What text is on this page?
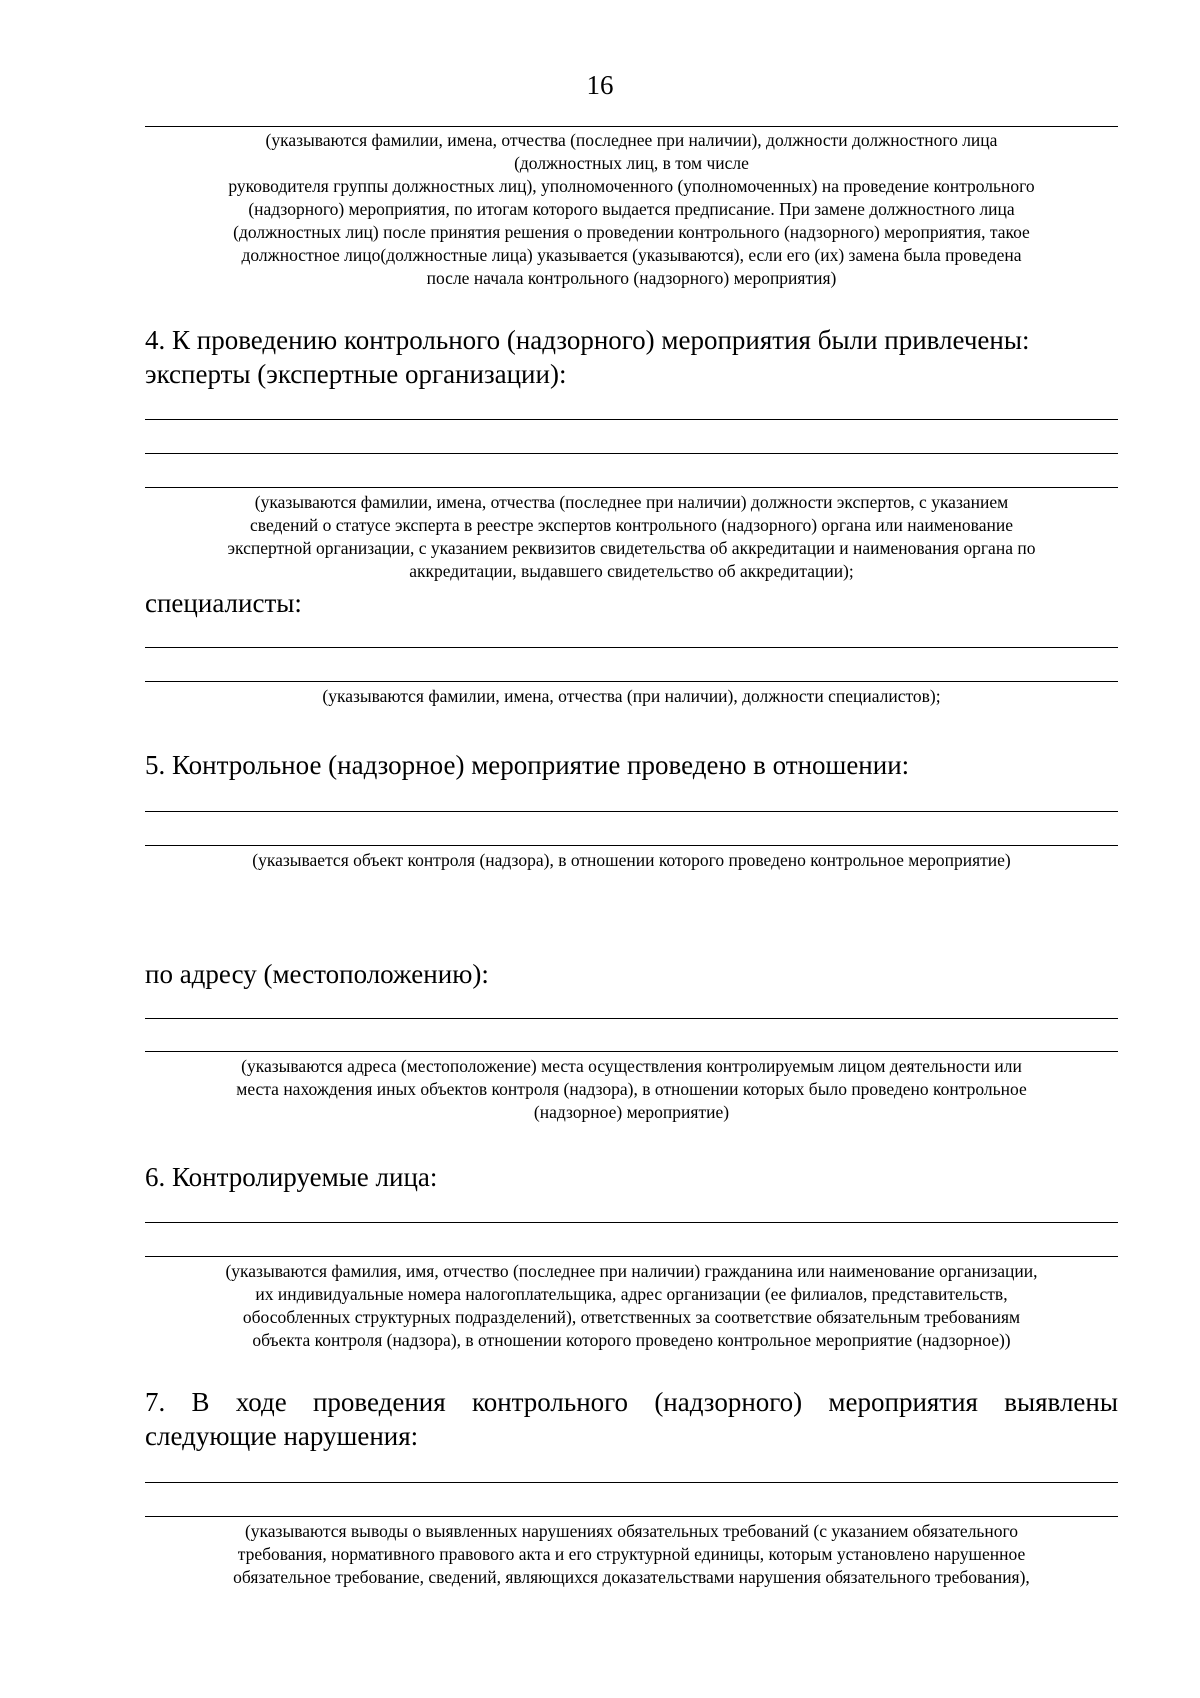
16
(указываются фамилии, имена, отчества (последнее при наличии), должности должностного лица
(должностных лиц, в том числе
руководителя группы должностных лиц), уполномоченного (уполномоченных) на проведение контрольного
(надзорного) мероприятия, по итогам которого выдается предписание. При замене должностного лица
(должностных лиц) после принятия решения о проведении контрольного (надзорного) мероприятия, такое
должностное лицо(должностные лица) указывается (указываются), если его (их) замена была проведена
после начала контрольного (надзорного) мероприятия)
4. К проведению контрольного (надзорного) мероприятия были привлечены:
эксперты (экспертные организации):
(указываются фамилии, имена, отчества (последнее при наличии) должности экспертов, с указанием
сведений о статусе эксперта в реестре экспертов контрольного (надзорного) органа или наименование
экспертной организации, с указанием реквизитов свидетельства об аккредитации и наименования органа по
аккредитации, выдавшего свидетельство об аккредитации);
специалисты:
(указываются фамилии, имена, отчества (при наличии), должности специалистов);
5. Контрольное (надзорное) мероприятие проведено в отношении:
(указывается объект контроля (надзора), в отношении которого проведено контрольное мероприятие)
по адресу (местоположению):
(указываются адреса (местоположение) места осуществления контролируемым лицом деятельности или
места нахождения иных объектов контроля (надзора), в отношении которых было проведено контрольное
(надзорное) мероприятие)
6. Контролируемые лица:
(указываются фамилия, имя, отчество (последнее при наличии) гражданина или наименование организации,
их индивидуальные номера налогоплательщика, адрес организации (ее филиалов, представительств,
обособленных структурных подразделений), ответственных за соответствие обязательным требованиям
объекта контроля (надзора), в отношении которого проведено контрольное мероприятие (надзорное))
7. В ходе проведения контрольного (надзорного) мероприятия выявлены
следующие нарушения:
(указываются выводы о выявленных нарушениях обязательных требований (с указанием обязательного
требования, нормативного правового акта и его структурной единицы, которым установлено нарушенное
обязательное требование, сведений, являющихся доказательствами нарушения обязательного требования),
